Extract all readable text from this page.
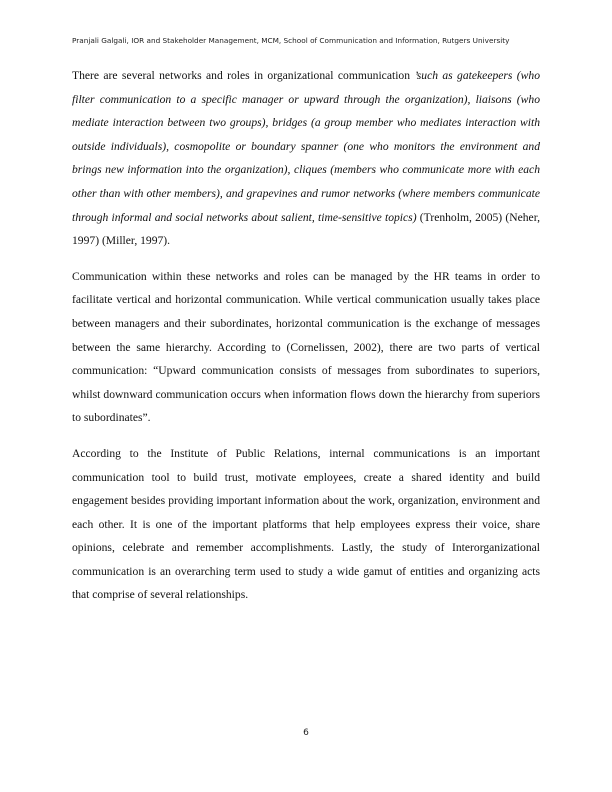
Pranjali Galgali, IOR and Stakeholder Management, MCM, School of Communication and Information, Rutgers University

There are several networks and roles in organizational communication ’such as gatekeepers (who filter communication to a specific manager or upward through the organization), liaisons (who mediate interaction between two groups), bridges (a group member who mediates interaction with outside individuals), cosmopolite or boundary spanner (one who monitors the environment and brings new information into the organization), cliques (members who communicate more with each other than with other members), and grapevines and rumor networks (where members communicate through informal and social networks about salient, time-sensitive topics) (Trenholm, 2005) (Neher, 1997) (Miller, 1997).

Communication within these networks and roles can be managed by the HR teams in order to facilitate vertical and horizontal communication. While vertical communication usually takes place between managers and their subordinates, horizontal communication is the exchange of messages between the same hierarchy. According to (Cornelissen, 2002), there are two parts of vertical communication: “Upward communication consists of messages from subordinates to superiors, whilst downward communication occurs when information flows down the hierarchy from superiors to subordinates”.

According to the Institute of Public Relations, internal communications is an important communication tool to build trust, motivate employees, create a shared identity and build engagement besides providing important information about the work, organization, environment and each other. It is one of the important platforms that help employees express their voice, share opinions, celebrate and remember accomplishments. Lastly, the study of Interorganizational communication is an overarching term used to study a wide gamut of entities and organizing acts that comprise of several relationships.

6
